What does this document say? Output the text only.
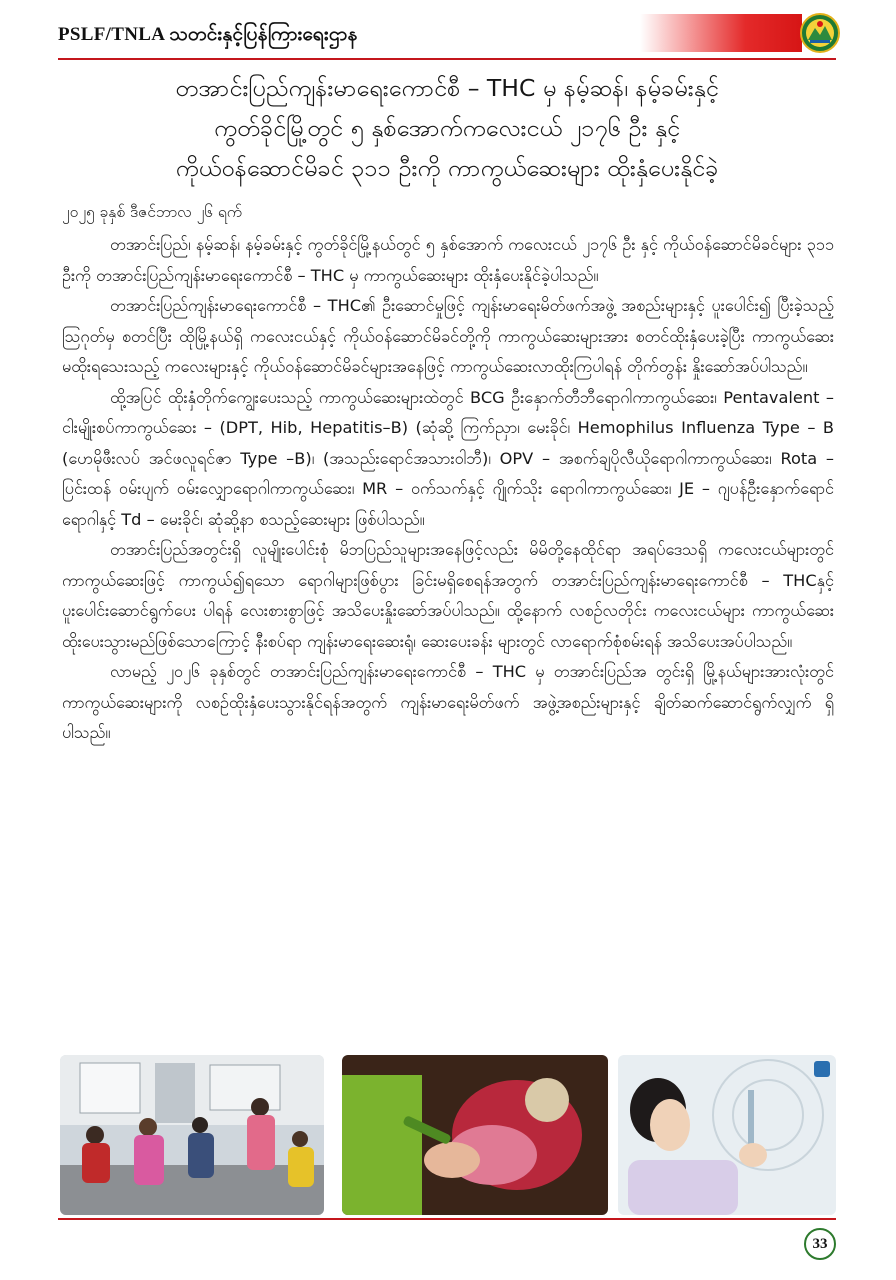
PSLF/TNLA သတင်းနှင့်ပြန်ကြားရေးဌာန
တအာင်းပြည်ကျန်းမာရေးကောင်စီ – THC မှ နမ့်ဆန်၊ နမ့်ခမ်းနှင့်
ကွတ်ခိုင်မြို့တွင် ၅ နှစ်အောက်ကလေးငယ် ၂၁၇၆ ဦး နှင့်
ကိုယ်ဝန်ဆောင်မိခင် ၃၁၁ ဦးကို ကာကွယ်ဆေးများ ထိုးနှံပေးနိုင်ခဲ့
၂၀၂၅ ခုနှစ် ဒီဇင်ဘာလ ၂၆ ရက်

တအာင်းပြည်၊ နမ့်ဆန်၊ နမ့်ခမ်းနှင့် ကွတ်ခိုင်မြို့နယ်တွင် ၅ နှစ်အောက် ကလေးငယ် ၂၁၇၆ ဦး နှင့် ကိုယ်ဝန်ဆောင်မိခင်များ ၃၁၁ ဦးကို တအာင်းပြည်ကျန်းမာရေးကောင်စီ – THC မှ ကာကွယ်ဆေးများ ထိုးနှံပေးနိုင်ခဲ့ပါသည်။

တအာင်းပြည်ကျန်းမာရေးကောင်စီ – THC၏ ဦးဆောင်မှုဖြင့် ကျန်းမာရေးမိတ်ဖက်အဖွဲ့ အစည်းများနှင့် ပူးပေါင်း၍ ပြီးခဲ့သည့် ဩဂုတ်မှ စတင်ပြီး ထိုမြို့နယ်ရှိ ကလေးငယ်နှင့် ကိုယ်ဝန်ဆောင်မိခင်တို့ကို ကာကွယ်ဆေးများအား စတင်ထိုးနှံပေးခဲ့ပြီး ကာကွယ်ဆေး မထိုးရသေးသည့် ကလေးများနှင့် ကိုယ်ဝန်ဆောင်မိခင်များအနေဖြင့် ကာကွယ်ဆေးလာထိုးကြပါရန် တိုက်တွန်း နှိုးဆော်အပ်ပါသည်။

ထို့အပြင် ထိုးနှံတိုက်ကျွေးပေးသည့် ကာကွယ်ဆေးများထဲတွင် BCG ဦးနှောက်တီဘီရောဂါကာကွယ်ဆေး၊ Pentavalent – ငါးမျိုးစပ်ကာကွယ်ဆေး – (DPT, Hib, Hepatitis–B) (ဆုံဆို့ ကြက်ညှာ၊ မေးခိုင်၊ Hemophilus Influenza Type – B (ဟေမိုဖီးလပ် အင်ဖလူရင်ဇာ Type –B)၊ (အသည်းရောင်အသားဝါဘီ)၊ OPV – အစက်ချပိုလီယိုရောဂါကာကွယ်ဆေး၊ Rota – ပြင်းထန် ဝမ်းပျက် ဝမ်းလျှောရောဂါကာကွယ်ဆေး၊ MR – ဝက်သက်နှင့် ဂျိုက်သိုး ရောဂါကာကွယ်ဆေး၊ JE – ဂျပန်ဦးနှောက်ရောင်ရောဂါနှင့် Td – မေးခိုင်၊ ဆုံဆို့နာ စသည့်ဆေးများ ဖြစ်ပါသည်။

တအာင်းပြည်အတွင်းရှိ လူမျိုးပေါင်းစုံ မိဘပြည်သူများအနေဖြင့်လည်း မိမိတို့နေထိုင်ရာ အရပ်ဒေသရှိ ကလေးငယ်များတွင် ကာကွယ်ဆေးဖြင့် ကာကွယ်၍ရသော ရောဂါများဖြစ်ပွား ခြင်းမရှိစေရန်အတွက် တအာင်းပြည်ကျန်းမာရေးကောင်စီ – THCနှင့် ပူးပေါင်းဆောင်ရွက်ပေး ပါရန် လေးစားစွာဖြင့် အသိပေးနှိုးဆော်အပ်ပါသည်။ ထို့နောက် လစဉ်လတိုင်း ကလေးငယ်များ ကာကွယ်ဆေး ထိုးပေးသွားမည်ဖြစ်သောကြောင့် နီးစပ်ရာ ကျန်းမာရေးဆေးရုံ၊ ဆေးပေးခန်း များတွင် လာရောက်စုံစမ်းရန် အသိပေးအပ်ပါသည်။

လာမည့် ၂၀၂၆ ခုနှစ်တွင် တအာင်းပြည်ကျန်းမာရေးကောင်စီ – THC မှ တအာင်းပြည်အ တွင်းရှိ မြို့နယ်များအားလုံးတွင် ကာကွယ်ဆေးများကို လစဉ်ထိုးနှံပေးသွားနိုင်ရန်အတွက် ကျန်းမာရေးမိတ်ဖက် အဖွဲ့အစည်းများနှင့် ချိတ်ဆက်ဆောင်ရွက်လျှက် ရှိပါသည်။

33
